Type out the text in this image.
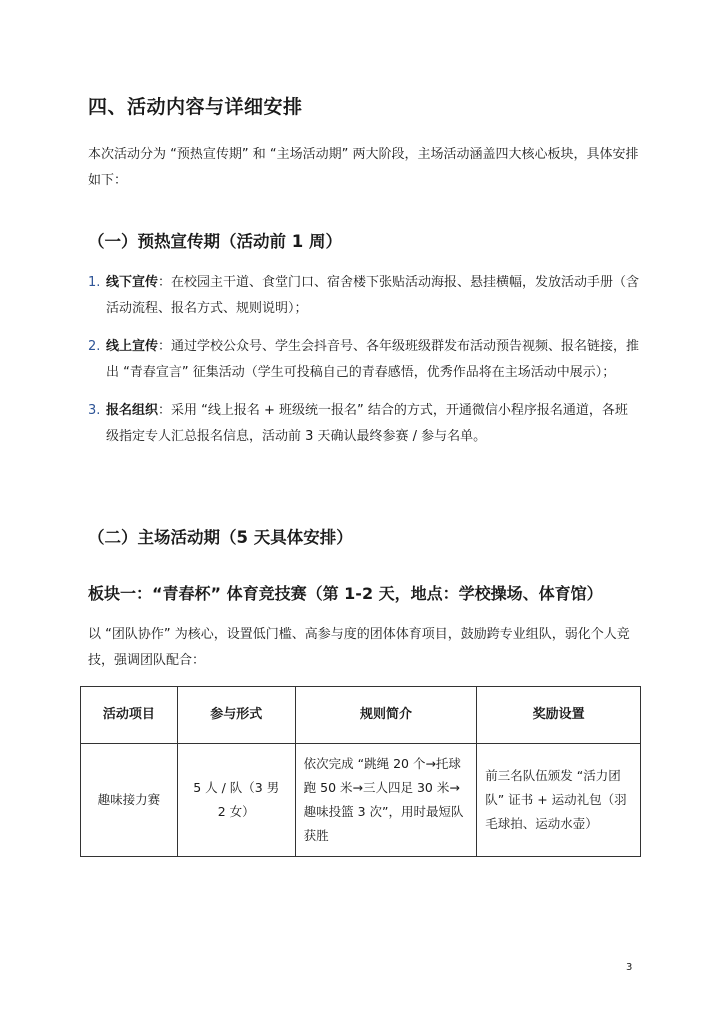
四、活动内容与详细安排
本次活动分为 “预热宣传期” 和 “主场活动期” 两大阶段，主场活动涵盖四大核心板块，具体安排如下：
（一）预热宣传期（活动前 1 周）
1. 线下宣传：在校园主干道、食堂门口、宿舍楼下张贴活动海报、悬挂横幅，发放活动手册（含活动流程、报名方式、规则说明）；
2. 线上宣传：通过学校公众号、学生会抖音号、各年级班级群发布活动预告视频、报名链接，推出 “青春宣言” 征集活动（学生可投稿自己的青春感悟，优秀作品将在主场活动中展示）；
3. 报名组织：采用 “线上报名 + 班级统一报名” 结合的方式，开通微信小程序报名通道，各班级指定专人汇总报名信息，活动前 3 天确认最终参赛 / 参与名单。
（二）主场活动期（5 天具体安排）
板块一：“青春杯” 体育竞技赛（第 1-2 天，地点：学校操场、体育馆）
以 “团队协作” 为核心，设置低门槛、高参与度的团体体育项目，鼓励跨专业组队，弱化个人竞技，强调团队配合：
活动项目	参与形式	规则简介	奖励设置
趣味接力赛	5 人 / 队（3 男 2 女）	依次完成 “跳绳 20 个→托球跑 50 米→三人四足 30 米→趣味投篮 3 次”，用时最短队获胜	前三名队伍颁发 “活力团队” 证书 + 运动礼包（羽毛球拍、运动水壶）
3
